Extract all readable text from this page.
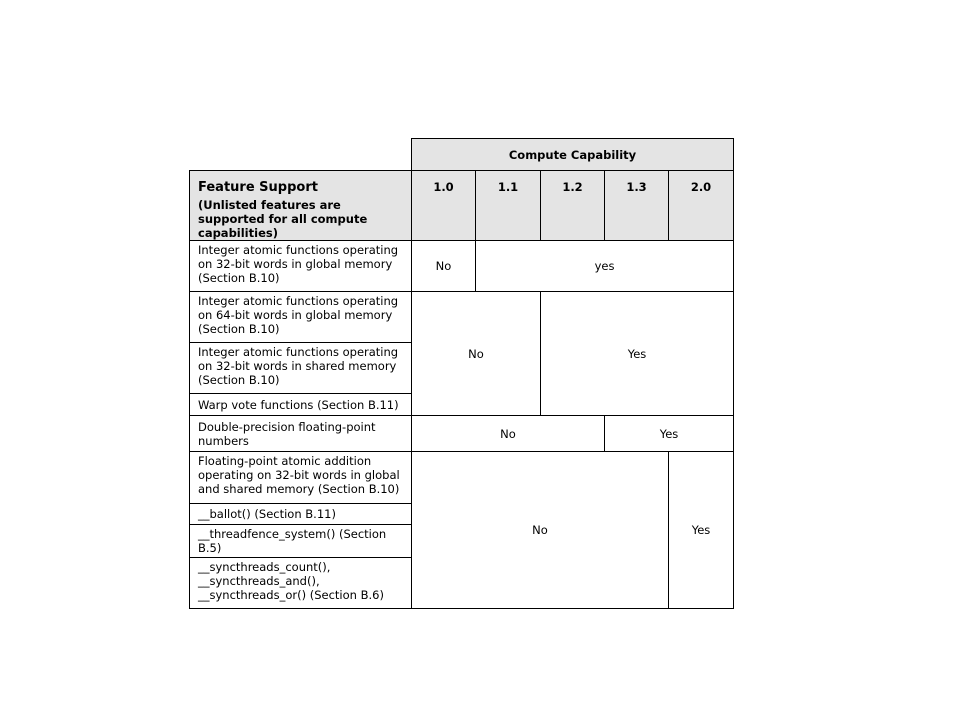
	Compute Capability				

Feature Support
(Unlisted features are supported for all compute capabilities)	1.0	1.1	1.2	1.3	2.0
Integer atomic functions operating on 32-bit words in global memory (Section B.10)	No	yes			
Integer atomic functions operating on 64-bit words in global memory (Section B.10)	No		Yes		
Integer atomic functions operating on 32-bit words in shared memory (Section B.10)					
Warp vote functions (Section B.11)					
Double-precision floating-point numbers	No			Yes	
Floating-point atomic addition operating on 32-bit words in global and shared memory (Section B.10)	No				Yes
__ballot() (Section B.11)					
__threadfence_system() (Section B.5)					
__syncthreads_count(), __syncthreads_and(), __syncthreads_or() (Section B.6)					
